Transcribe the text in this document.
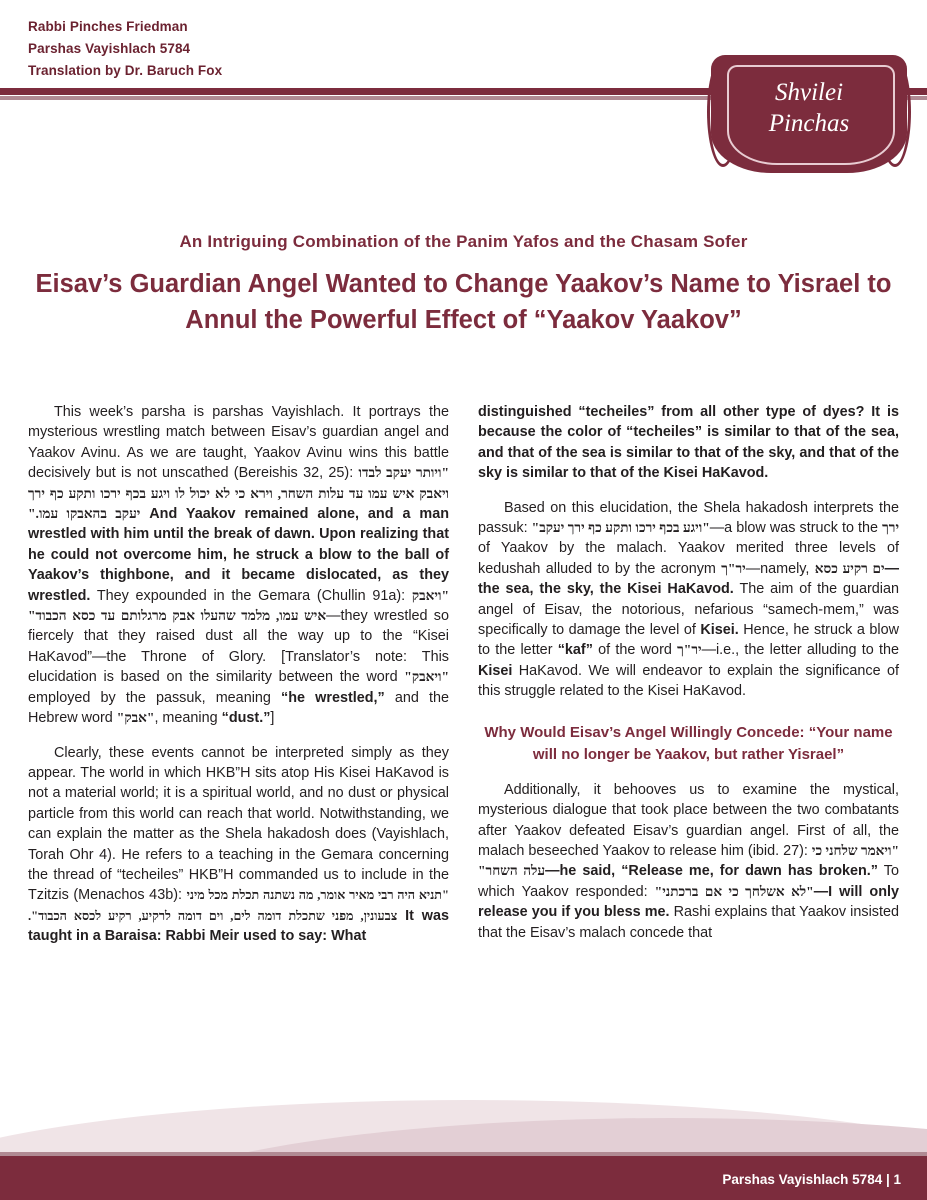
Rabbi Pinches Friedman
Parshas Vayishlach 5784
Translation by Dr. Baruch Fox
Shvilei
Pinchas
An Intriguing Combination of the Panim Yafos and the Chasam Sofer
Eisav’s Guardian Angel Wanted to Change Yaakov’s Name to Yisrael to Annul the Powerful Effect of “Yaakov Yaakov”

This week’s parsha is parshas Vayishlach. It portrays the mysterious wrestling match between Eisav’s guardian angel and Yaakov Avinu. As we are taught, Yaakov Avinu wins this battle decisively but is not unscathed (Bereishis 32, 25): "ויותר יעקב לבדו ויאבק איש עמו עד עלות השחר, וירא כי לא יכול לו ויגע בכף ירכו ותקע כף ירך יעקב בהאבקו עמו." And Yaakov remained alone, and a man wrestled with him until the break of dawn. Upon realizing that he could not overcome him, he struck a blow to the ball of Yaakov’s thighbone, and it became dislocated, as they wrestled. They expounded in the Gemara (Chullin 91a): "ויאבק איש עמו, מלמד שהעלו אבק מרגלותם עד כסא הכבוד"—they wrestled so fiercely that they raised dust all the way up to the “Kisei HaKavod”—the Throne of Glory. [Translator’s note: This elucidation is based on the similarity between the word "ויאבק" employed by the passuk, meaning “he wrestled,” and the Hebrew word "אבק", meaning “dust.”]

Clearly, these events cannot be interpreted simply as they appear. The world in which HKB”H sits atop His Kisei HaKavod is not a material world; it is a spiritual world, and no dust or physical particle from this world can reach that world. Notwithstanding, we can explain the matter as the Shela hakadosh does (Vayishlach, Torah Ohr 4). He refers to a teaching in the Gemara concerning the thread of “techeiles” HKB”H commanded us to include in the Tzitzis (Menachos 43b): "תניא היה רבי מאיר אומר, מה נשתנה תכלת מכל מיני צבעונין, מפני שתכלת דומה לים, וים דומה לרקיע, רקיע לכסא הכבוד". It was taught in a Baraisa: Rabbi Meir used to say: What

distinguished “techeiles” from all other type of dyes? It is because the color of “techeiles” is similar to that of the sea, and that of the sea is similar to that of the sky, and that of the sky is similar to that of the Kisei HaKavod.

Based on this elucidation, the Shela hakadosh interprets the passuk: "ויגע בכף ירכו ותקע כף ירך יעקב"—a blow was struck to the ירך of Yaakov by the malach. Yaakov merited three levels of kedushah alluded to by the acronym יר"ך—namely, ים רקיע כסא—the sea, the sky, the Kisei HaKavod. The aim of the guardian angel of Eisav, the notorious, nefarious “samech-mem,” was specifically to damage the level of Kisei. Hence, he struck a blow to the letter “kaf” of the word יר"ך—i.e., the letter alluding to the Kisei HaKavod. We will endeavor to explain the significance of this struggle related to the Kisei HaKavod.

Why Would Eisav’s Angel Willingly Concede: “Your name will no longer be Yaakov, but rather Yisrael”

Additionally, it behooves us to examine the mystical, mysterious dialogue that took place between the two combatants after Yaakov defeated Eisav’s guardian angel. First of all, the malach beseeched Yaakov to release him (ibid. 27): "ויאמר שלחני כי עלה השחר"—he said, “Release me, for dawn has broken.” To which Yaakov responded: "לא אשלחך כי אם ברכתני"—I will only release you if you bless me. Rashi explains that Yaakov insisted that the Eisav’s malach concede that

Parshas Vayishlach 5784 | 1
